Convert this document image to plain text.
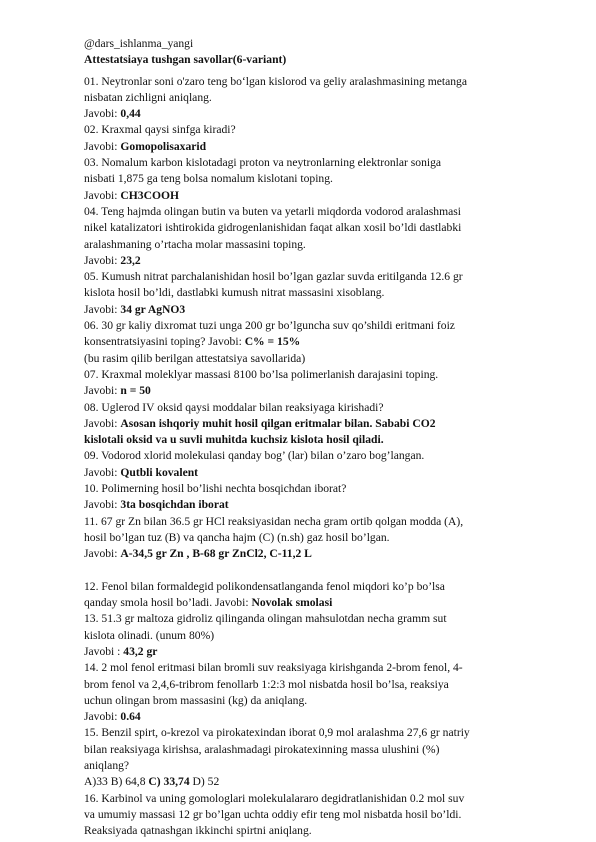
@dars_ishlanma_yangi
Attestatsiaya tushgan savollar(6-variant)
01. Neytronlar soni o'zaro teng bo‘lgan kislorod va geliy aralashmasining metanga
nisbatan zichligni aniqlang.
Javobi: 0,44
02. Kraxmal qaysi sinfga kiradi?
Javobi: Gomopolisaxarid
03. Nomalum karbon kislotadagi proton va neytronlarning elektronlar soniga
nisbati 1,875 ga teng bolsa nomalum kislotani toping.
Javobi: CH3COOH
04. Teng hajmda olingan butin va buten va yetarli miqdorda vodorod aralashmasi
nikel katalizatori ishtirokida gidrogenlanishidan faqat alkan xosil bo’ldi dastlabki
aralashmaning o’rtacha molar massasini toping.
Javobi: 23,2
05. Kumush nitrat parchalanishidan hosil bo’lgan gazlar suvda eritilganda 12.6 gr
kislota hosil bo’ldi, dastlabki kumush nitrat massasini xisoblang.
Javobi: 34 gr AgNO3
06. 30 gr kaliy dixromat tuzi unga 200 gr bo’lguncha suv qo’shildi eritmani foiz
konsentratsiyasini toping? Javobi: C% = 15%
(bu rasim qilib berilgan attestatsiya savollarida)
07. Kraxmal moleklyar massasi 8100 bo’lsa polimerlanish darajasini toping.
Javobi: n = 50
08. Uglerod IV oksid qaysi moddalar bilan reaksiyaga kirishadi?
Javobi: Asosan ishqoriy muhit hosil qilgan eritmalar bilan. Sababi CO2
kislotali oksid va u suvli muhitda kuchsiz kislota hosil qiladi.
09. Vodorod xlorid molekulasi qanday bog’ (lar) bilan o’zaro bog’langan.
Javobi: Qutbli kovalent
10. Polimerning hosil bo’lishi nechta bosqichdan iborat?
Javobi: 3ta bosqichdan iborat
11. 67 gr Zn bilan 36.5 gr HCl reaksiyasidan necha gram ortib qolgan modda (A),
hosil bo’lgan tuz (B) va qancha hajm (C) (n.sh) gaz hosil bo’lgan.
Javobi: A-34,5 gr Zn , B-68 gr ZnCl2, C-11,2 L
12. Fenol bilan formaldegid polikondensatlanganda fenol miqdori ko’p bo’lsa
qanday smola hosil bo’ladi. Javobi: Novolak smolasi
13. 51.3 gr maltoza gidroliz qilinganda olingan mahsulotdan necha gramm sut
kislota olinadi. (unum 80%)
Javobi : 43,2 gr
14. 2 mol fenol eritmasi bilan bromli suv reaksiyaga kirishganda 2-brom fenol, 4-
brom fenol va 2,4,6-tribrom fenollarb 1:2:3 mol nisbatda hosil bo’lsa, reaksiya
uchun olingan brom massasini (kg) da aniqlang.
Javobi: 0.64
15. Benzil spirt, o-krezol va pirokatexindan iborat 0,9 mol aralashma 27,6 gr natriy
bilan reaksiyaga kirishsa, aralashmadagi pirokatexinning massa ulushini (%)
aniqlang?
A)33 B) 64,8 C) 33,74 D) 52
16. Karbinol va uning gomologlari molekulalararo degidratlanishidan 0.2 mol suv
va umumiy massasi 12 gr bo’lgan uchta oddiy efir teng mol nisbatda hosil bo’ldi.
Reaksiyada qatnashgan ikkinchi spirtni aniqlang.
